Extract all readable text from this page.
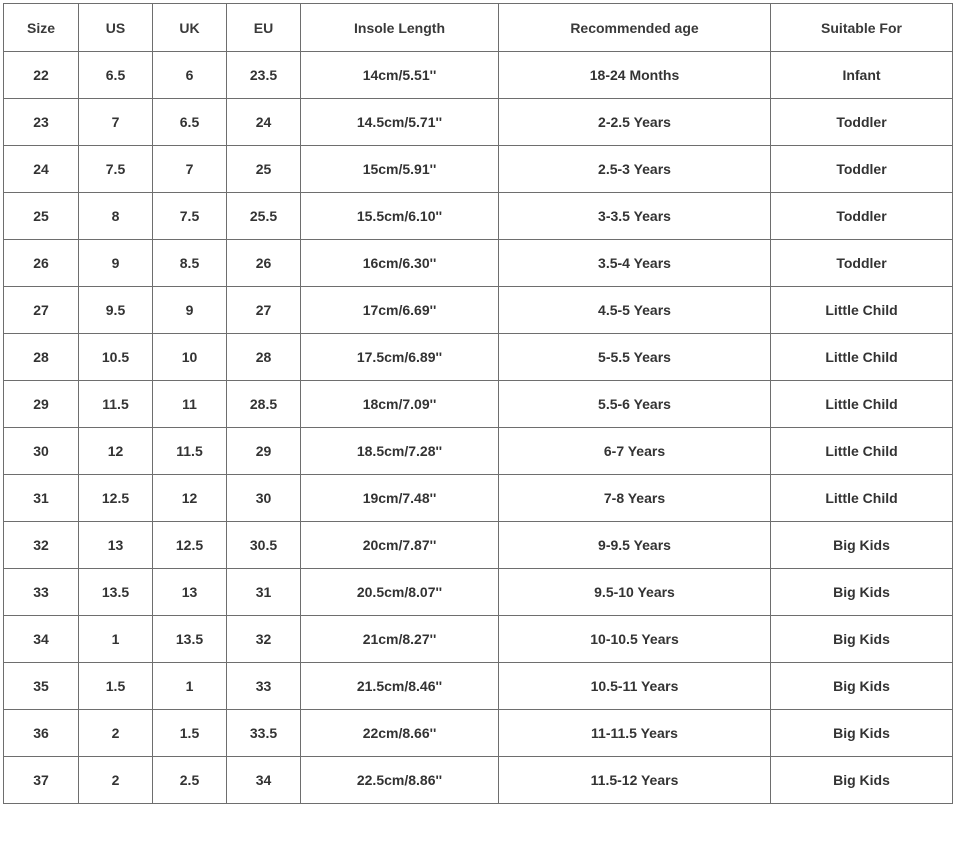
Size	US	UK	EU	Insole Length	Recommended age	Suitable For
22	6.5	6	23.5	14cm/5.51''	18-24 Months	Infant
23	7	6.5	24	14.5cm/5.71''	2-2.5 Years	Toddler
24	7.5	7	25	15cm/5.91''	2.5-3 Years	Toddler
25	8	7.5	25.5	15.5cm/6.10''	3-3.5 Years	Toddler
26	9	8.5	26	16cm/6.30''	3.5-4 Years	Toddler
27	9.5	9	27	17cm/6.69''	4.5-5 Years	Little Child
28	10.5	10	28	17.5cm/6.89''	5-5.5 Years	Little Child
29	11.5	11	28.5	18cm/7.09''	5.5-6 Years	Little Child
30	12	11.5	29	18.5cm/7.28''	6-7 Years	Little Child
31	12.5	12	30	19cm/7.48''	7-8 Years	Little Child
32	13	12.5	30.5	20cm/7.87''	9-9.5 Years	Big Kids
33	13.5	13	31	20.5cm/8.07''	9.5-10 Years	Big Kids
34	1	13.5	32	21cm/8.27''	10-10.5 Years	Big Kids
35	1.5	1	33	21.5cm/8.46''	10.5-11 Years	Big Kids
36	2	1.5	33.5	22cm/8.66''	11-11.5 Years	Big Kids
37	2	2.5	34	22.5cm/8.86''	11.5-12 Years	Big Kids
